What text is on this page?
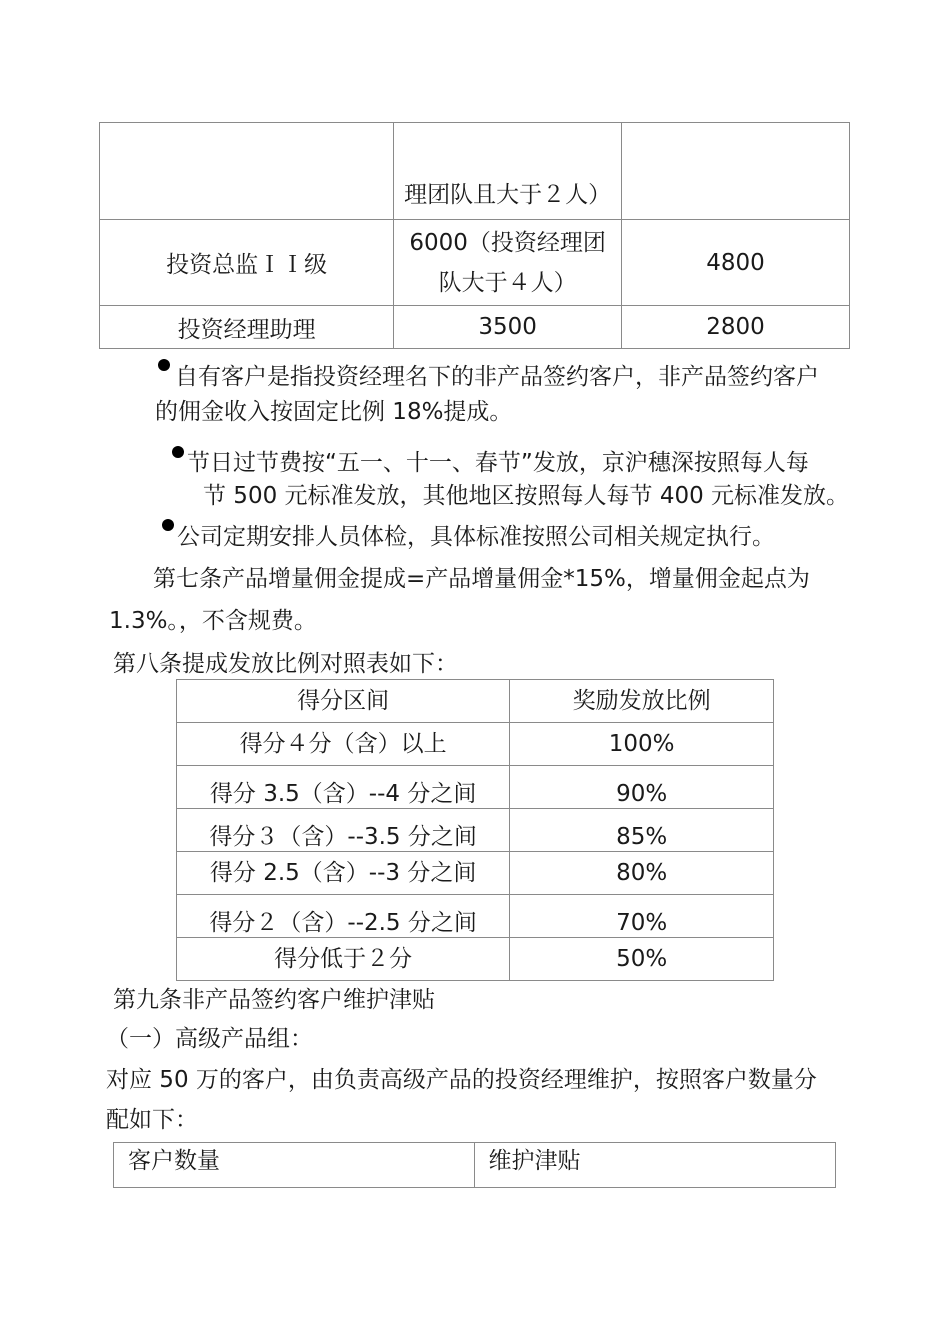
	理团队且大于２人）	
投资总监ＩＩ级	6000（投资经理团
队大于４人）	4800
投资经理助理	3500	2800
自有客户是指投资经理名下的非产品签约客户，非产品签约客户
的佣金收入按固定比例 18%提成。
节日过节费按“五一、十一、春节”发放，京沪穗深按照每人每
节 500 元标准发放，其他地区按照每人每节 400 元标准发放。
公司定期安排人员体检，具体标准按照公司相关规定执行。
第七条产品增量佣金提成=产品增量佣金*15%，增量佣金起点为
1.3%。，不含规费。
第八条提成发放比例对照表如下：
得分区间	奖励发放比例
得分４分（含）以上	100%
得分 3.5（含）--4 分之间	90%
得分３（含）--3.5 分之间	85%
得分 2.5（含）--3 分之间	80%
得分２（含）--2.5 分之间	70%
得分低于２分	50%
第九条非产品签约客户维护津贴
（一）高级产品组：
对应 50 万的客户，由负责高级产品的投资经理维护，按照客户数量分
配如下：
客户数量	维护津贴
